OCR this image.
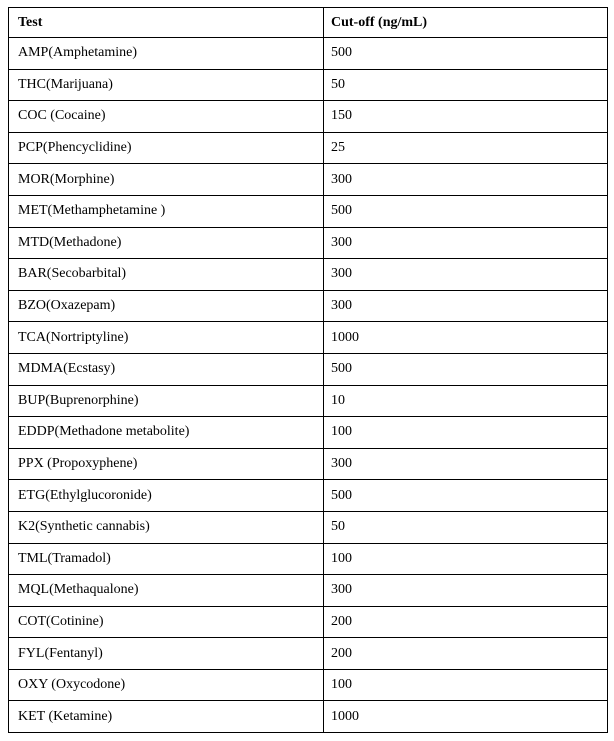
Test	Cut-off (ng/mL)
AMP(Amphetamine)	500
THC(Marijuana)	50
COC (Cocaine)	150
PCP(Phencyclidine)	25
MOR(Morphine)	300
MET(Methamphetamine )	500
MTD(Methadone)	300
BAR(Secobarbital)	300
BZO(Oxazepam)	300
TCA(Nortriptyline)	1000
MDMA(Ecstasy)	500
BUP(Buprenorphine)	10
EDDP(Methadone metabolite)	100
PPX (Propoxyphene)	300
ETG(Ethylglucoronide)	500
K2(Synthetic cannabis)	50
TML(Tramadol)	100
MQL(Methaqualone)	300
COT(Cotinine)	200
FYL(Fentanyl)	200
OXY (Oxycodone)	100
KET (Ketamine)	1000
